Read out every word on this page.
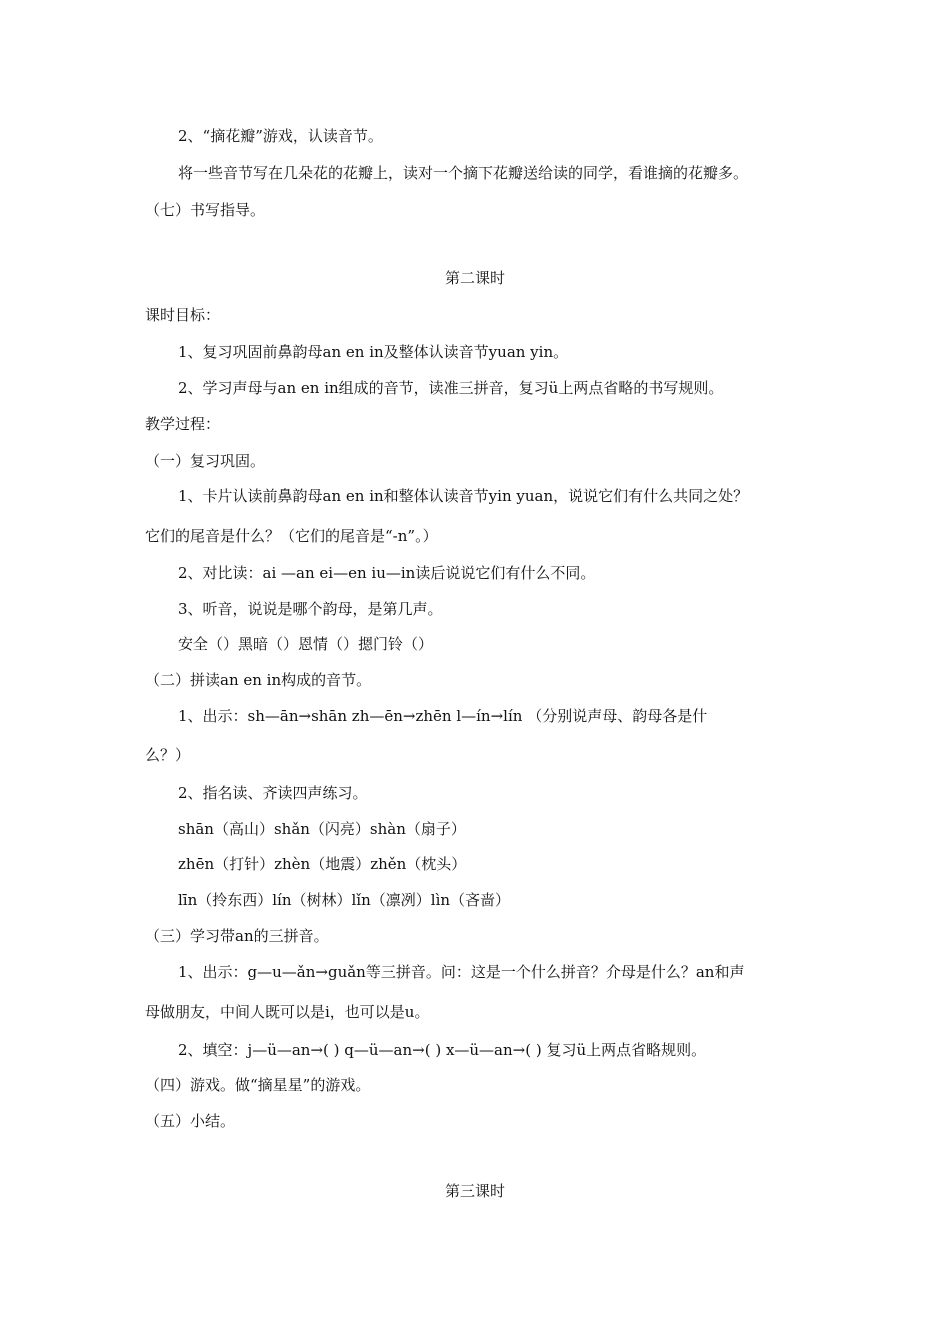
2、“摘花瓣”游戏，认读音节。
将一些音节写在几朵花的花瓣上，读对一个摘下花瓣送给读的同学，看谁摘的花瓣多。
（七）书写指导。
第二课时
课时目标：
1、复习巩固前鼻韵母an en in及整体认读音节yuan yin。
2、学习声母与an en in组成的音节，读准三拼音，复习ü上两点省略的书写规则。
教学过程：
（一）复习巩固。
1、卡片认读前鼻韵母an en in和整体认读音节yin yuan，说说它们有什么共同之处？
它们的尾音是什么？（它们的尾音是“-n”。）
2、对比读：ai —an ei—en iu—in读后说说它们有什么不同。
3、听音，说说是哪个韵母，是第几声。
安全（）黑暗（）恩情（）摁门铃（）
（二）拼读an en in构成的音节。
1、出示：sh—ān→shān zh—ēn→zhēn l—ín→lín （分别说声母、韵母各是什
么？）
2、指名读、齐读四声练习。
shān（高山）shǎn（闪亮）shàn（扇子）
zhēn（打针）zhèn（地震）zhěn（枕头）
līn（拎东西）lín（树林）lǐn（凛冽）lìn（吝啬）
（三）学习带an的三拼音。
1、出示：g—u—ǎn→guǎn等三拼音。问：这是一个什么拼音？介母是什么？an和声
母做朋友，中间人既可以是i，也可以是u。
2、填空：j—ü—an→( ) q—ü—an→( ) x—ü—an→( ) 复习ü上两点省略规则。
（四）游戏。做“摘星星”的游戏。
（五）小结。
第三课时
